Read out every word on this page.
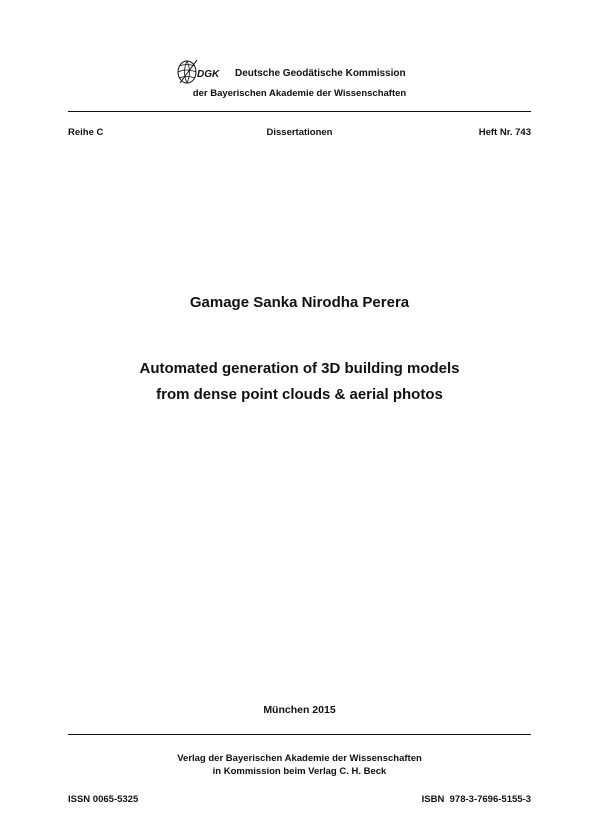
DGK Deutsche Geodätische Kommission
der Bayerischen Akademie der Wissenschaften
Reihe C	Dissertationen	Heft Nr. 743
Gamage Sanka Nirodha Perera
Automated generation of 3D building models
from dense point clouds & aerial photos
München 2015
Verlag der Bayerischen Akademie der Wissenschaften
in Kommission beim Verlag C. H. Beck
ISSN 0065-5325	ISBN  978-3-7696-5155-3
